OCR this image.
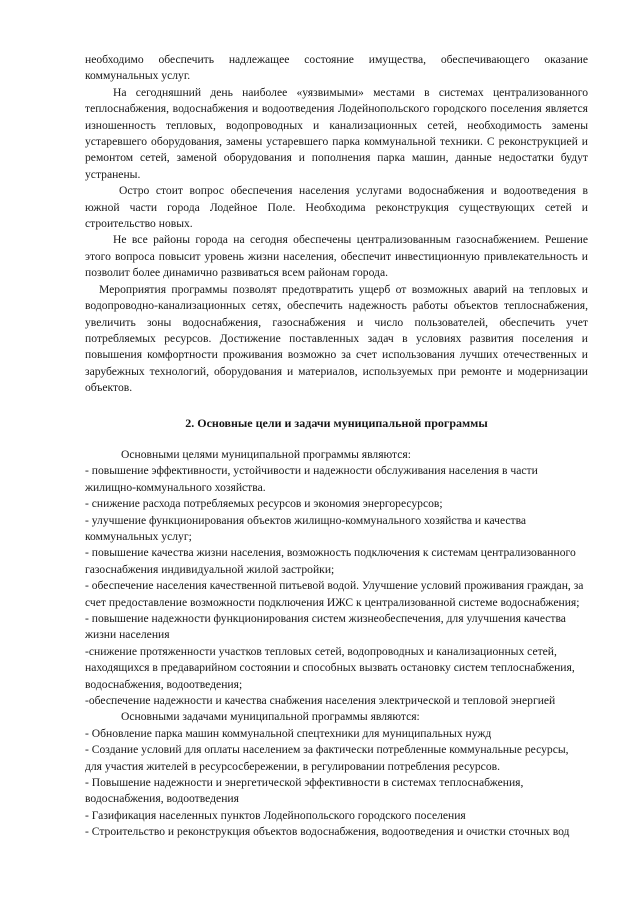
необходимо обеспечить надлежащее состояние имущества, обеспечивающего оказание коммунальных услуг.

На сегодняшний день наиболее «уязвимыми» местами в системах централизованного теплоснабжения, водоснабжения и водоотведения Лодейнопольского городского поселения является изношенность тепловых, водопроводных и канализационных сетей, необходимость замены устаревшего оборудования, замены устаревшего парка коммунальной техники. С реконструкцией и ремонтом сетей, заменой оборудования и пополнения парка машин, данные недостатки будут устранены.

Остро стоит вопрос обеспечения населения услугами водоснабжения и водоотведения в южной части города Лодейное Поле. Необходима реконструкция существующих сетей и строительство новых.

Не все районы города на сегодня обеспечены централизованным газоснабжением. Решение этого вопроса повысит уровень жизни населения, обеспечит инвестиционную привлекательность и позволит более динамично развиваться всем районам города.

Мероприятия программы позволят предотвратить ущерб от возможных аварий на тепловых и водопроводно-канализационных сетях, обеспечить надежность работы объектов теплоснабжения, увеличить зоны водоснабжения, газоснабжения и число пользователей, обеспечить учет потребляемых ресурсов. Достижение поставленных задач в условиях развития поселения и повышения комфортности проживания возможно за счет использования лучших отечественных и зарубежных технологий, оборудования и материалов, используемых при ремонте и модернизации объектов.

2. Основные цели и задачи муниципальной программы

Основными целями муниципальной программы являются:

- повышение эффективности, устойчивости и надежности обслуживания населения в части жилищно-коммунального хозяйства.

- снижение расхода потребляемых ресурсов и экономия энергоресурсов;

- улучшение функционирования объектов жилищно-коммунального хозяйства и качества коммунальных услуг;

- повышение качества жизни населения, возможность подключения к системам централизованного газоснабжения индивидуальной жилой застройки;

- обеспечение населения качественной питьевой водой. Улучшение условий проживания граждан, за счет предоставление возможности подключения ИЖС к централизованной системе водоснабжения;

- повышение надежности функционирования систем жизнеобеспечения, для улучшения качества жизни населения

-снижение протяженности участков тепловых сетей, водопроводных и канализационных сетей, находящихся в предаварийном состоянии и способных вызвать остановку систем теплоснабжения, водоснабжения, водоотведения;

-обеспечение надежности и качества снабжения населения электрической и тепловой энергией

Основными задачами муниципальной программы являются:

- Обновление парка машин коммунальной спецтехники для муниципальных нужд

- Создание условий для оплаты населением за фактически потребленные коммунальные ресурсы, для участия жителей в ресурсосбережении, в регулировании потребления ресурсов.

- Повышение надежности и энергетической эффективности в системах теплоснабжения, водоснабжения, водоотведения

- Газификация населенных пунктов Лодейнопольского городского поселения

- Строительство и реконструкция объектов водоснабжения, водоотведения и очистки сточных вод
